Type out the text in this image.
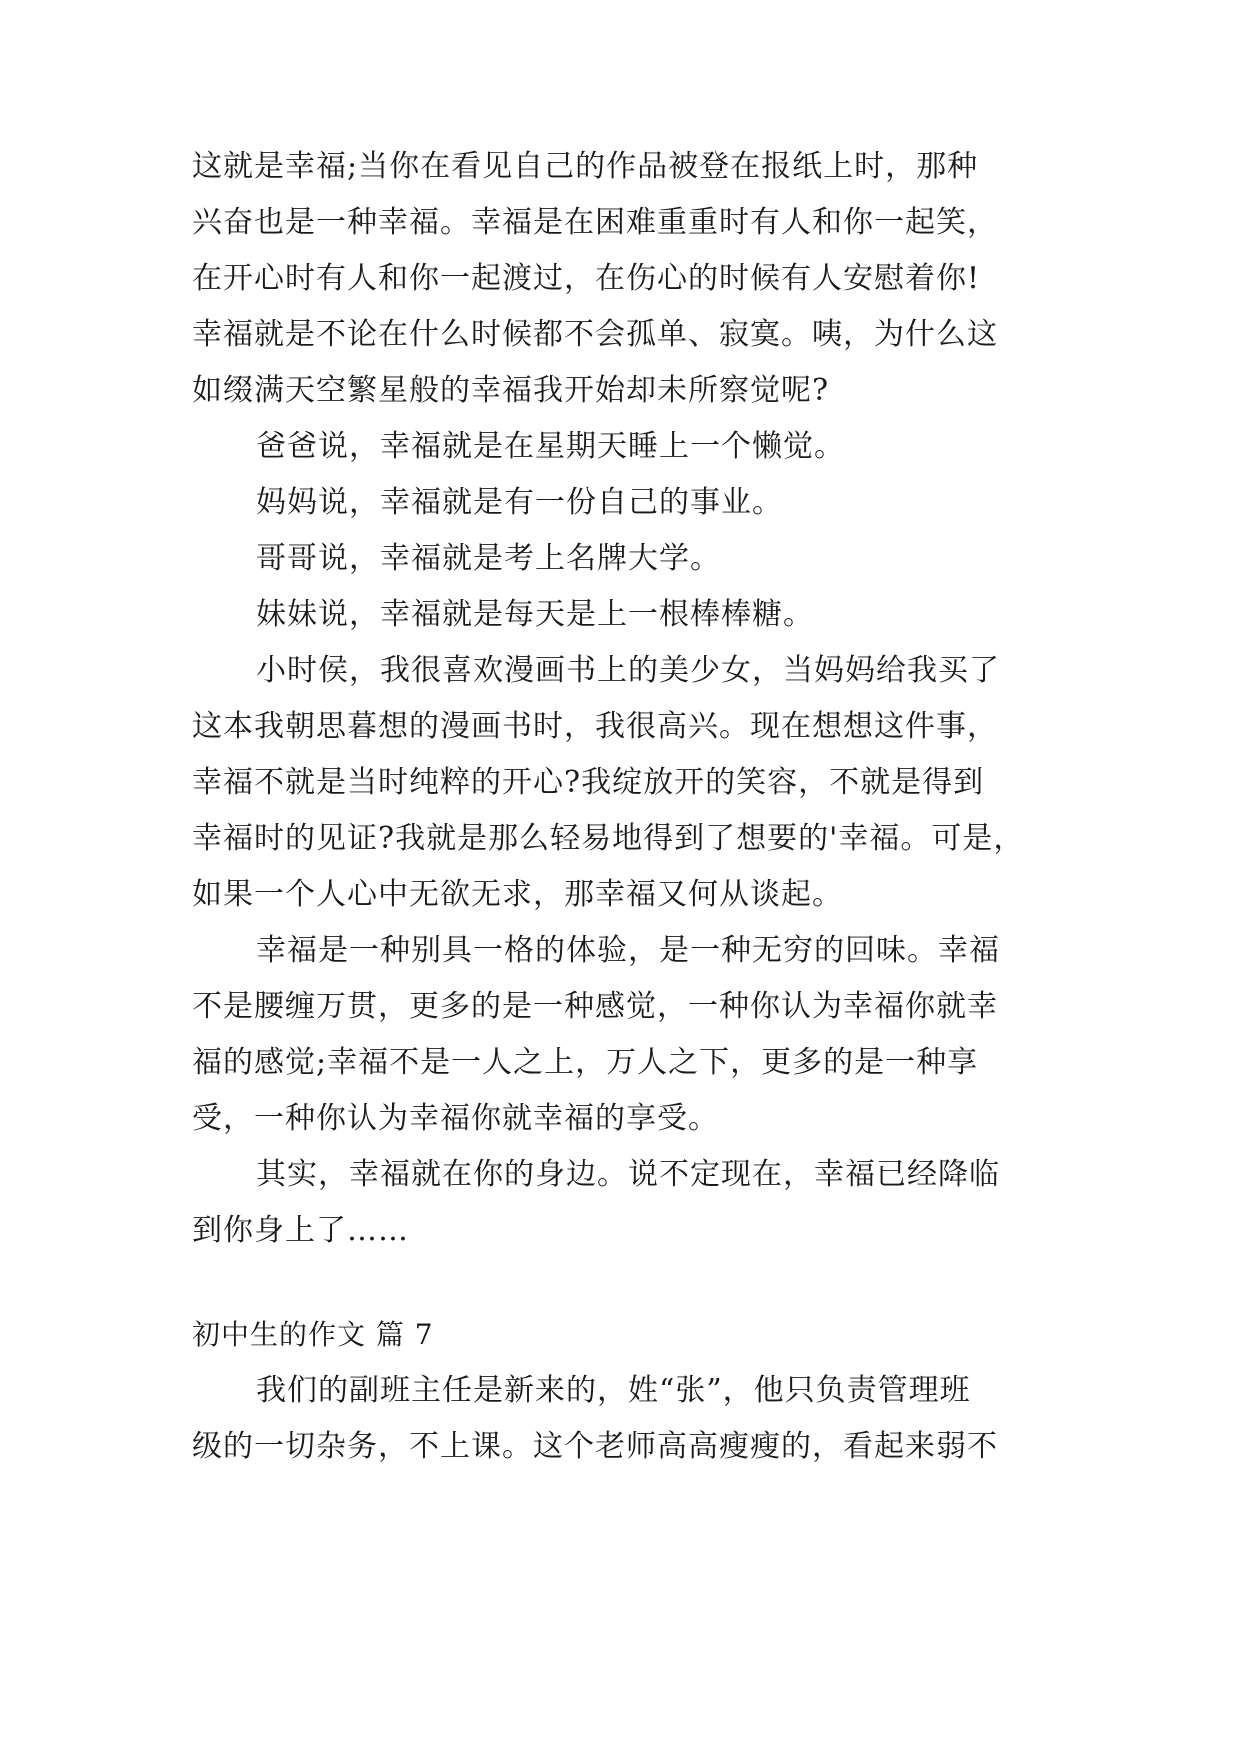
这就是幸福;当你在看见自己的作品被登在报纸上时，那种
兴奋也是一种幸福。幸福是在困难重重时有人和你一起笑，
在开心时有人和你一起渡过，在伤心的时候有人安慰着你!
幸福就是不论在什么时候都不会孤单、寂寞。咦，为什么这
如缀满天空繁星般的幸福我开始却未所察觉呢?
爸爸说，幸福就是在星期天睡上一个懒觉。
妈妈说，幸福就是有一份自己的事业。
哥哥说，幸福就是考上名牌大学。
妹妹说，幸福就是每天是上一根棒棒糖。
小时侯，我很喜欢漫画书上的美少女，当妈妈给我买了
这本我朝思暮想的漫画书时，我很高兴。现在想想这件事，
幸福不就是当时纯粹的开心?我绽放开的笑容，不就是得到
幸福时的见证?我就是那么轻易地得到了想要的'幸福。可是，
如果一个人心中无欲无求，那幸福又何从谈起。
幸福是一种别具一格的体验，是一种无穷的回味。幸福
不是腰缠万贯，更多的是一种感觉，一种你认为幸福你就幸
福的感觉;幸福不是一人之上，万人之下，更多的是一种享
受，一种你认为幸福你就幸福的享受。
其实，幸福就在你的身边。说不定现在，幸福已经降临
到你身上了……
初中生的作文 篇 7
我们的副班主任是新来的，姓“张”，他只负责管理班
级的一切杂务，不上课。这个老师高高瘦瘦的，看起来弱不
